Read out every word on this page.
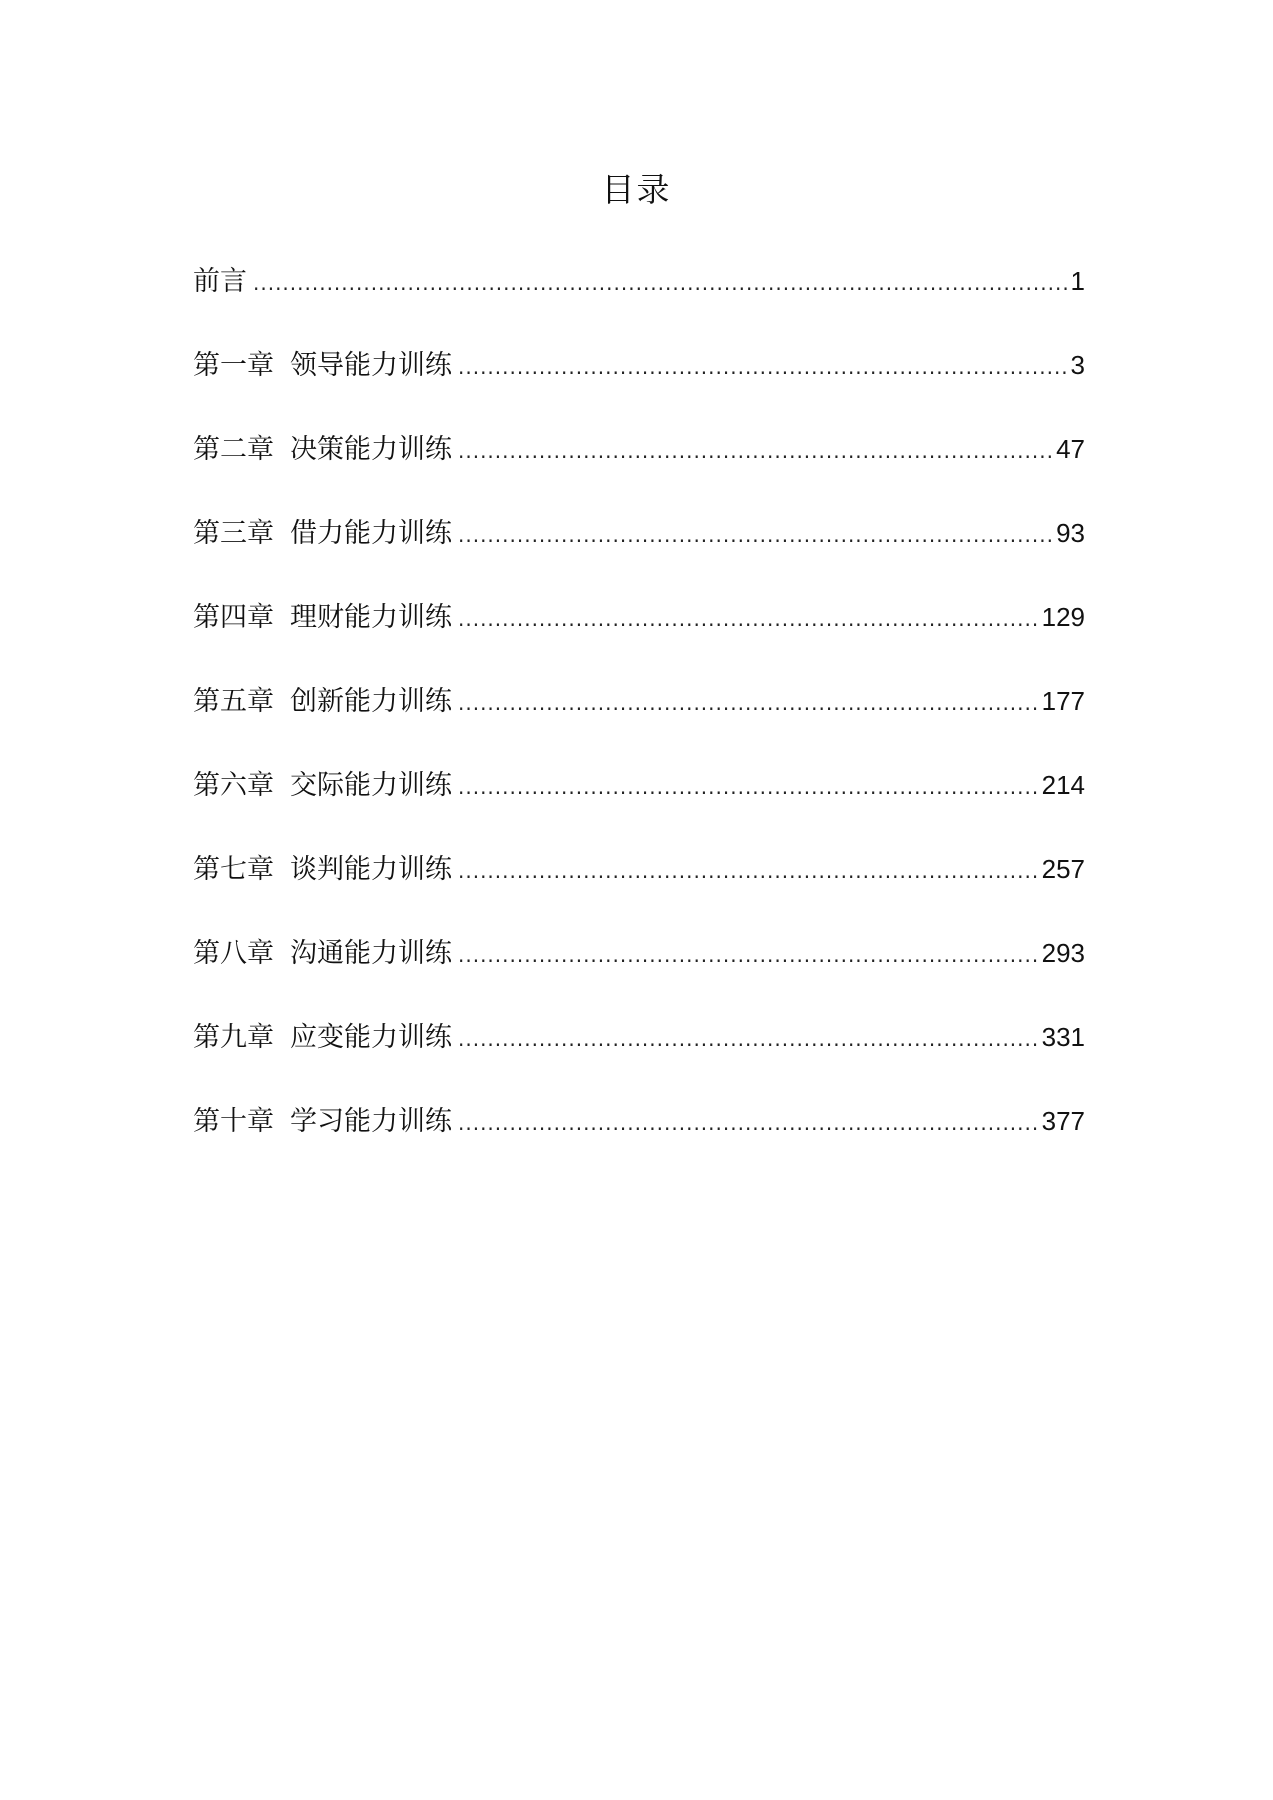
目录
前言 .....	1
第一章 领导能力训练 .....	3
第二章 决策能力训练 .....	47
第三章 借力能力训练 .....	93
第四章 理财能力训练 .....	129
第五章 创新能力训练 .....	177
第六章 交际能力训练 .....	214
第七章 谈判能力训练 .....	257
第八章 沟通能力训练 .....	293
第九章 应变能力训练 .....	331
第十章 学习能力训练 .....	377
